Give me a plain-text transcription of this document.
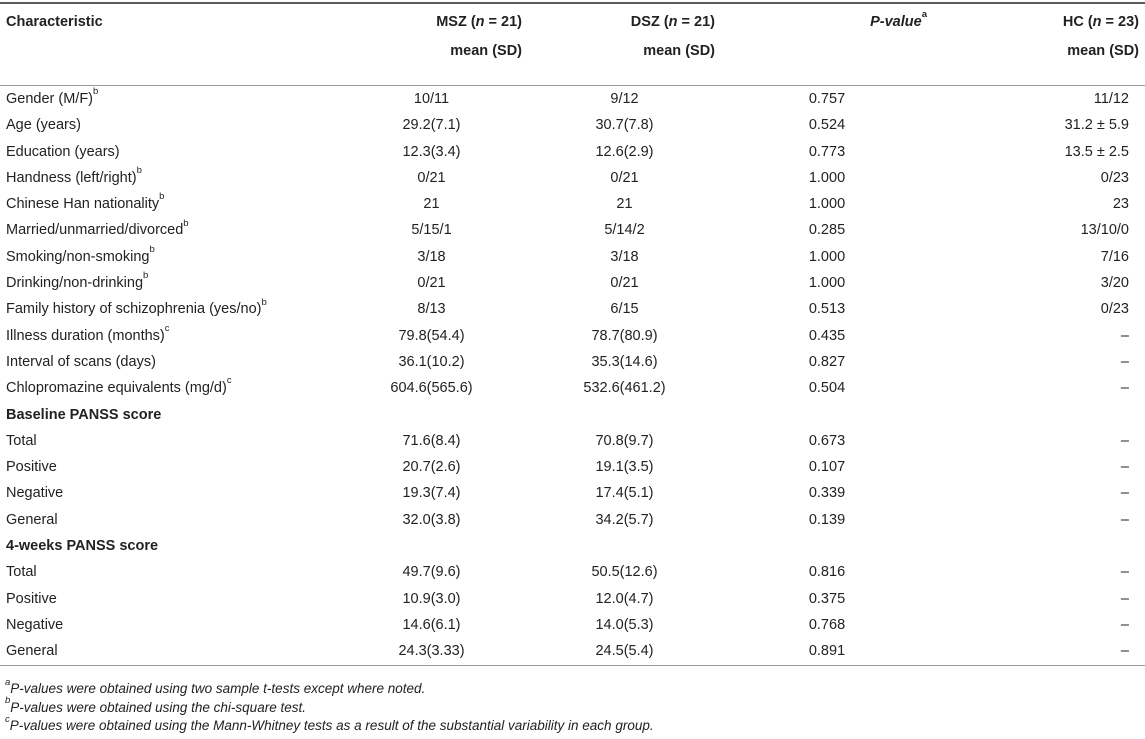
Characteristic	MSZ (n = 21)	DSZ (n = 21)	P-value$^a$	HC (n = 23)
	mean (SD)	mean (SD)		mean (SD)
Gender $(M/F)^b$	10/11	9/12	0.757	11/12
Age (years)	29.2(7.1)	30.7(7.8)	0.524	31.2 ± 5.9
Education (years)	12.3(3.4)	12.6(2.9)	0.773	13.5 ± 2.5
Handness (left/right)$^b$	0/21	0/21	1.000	0/23
Chinese Han nationality$^b$	21	21	1.000	23
Married/unmarried/divorced$^b$	5/15/1	5/14/2	0.285	13/10/0
Smoking/non-smoking$^b$	3/18	3/18	1.000	7/16
Drinking/non-drinking$^b$	0/21	0/21	1.000	3/20
Family history of schizophrenia $(yes/no)^b$	8/13	6/15	0.513	0/23
Illness duration (months)$^c$	79.8(54.4)	78.7(80.9)	0.435	–
Interval of scans (days)	36.1(10.2)	35.3(14.6)	0.827	–
Chlopromazine equivalents $(mg/d)^c$	604.6(565.6)	532.6(461.2)	0.504	–
Baseline PANSS score				
Total	71.6(8.4)	70.8(9.7)	0.673	–
Positive	20.7(2.6)	19.1(3.5)	0.107	–
Negative	19.3(7.4)	17.4(5.1)	0.339	–
General	32.0(3.8)	34.2(5.7)	0.139	–
4-weeks PANSS score				
Total	49.7(9.6)	50.5(12.6)	0.816	–
Positive	10.9(3.0)	12.0(4.7)	0.375	–
Negative	14.6(6.1)	14.0(5.3)	0.768	–
General	24.3(3.33)	24.5(5.4)	0.891	–
$^a$P-values were obtained using two sample t-tests except where noted.
$^b$P-values were obtained using the chi-square test.
$^c$P-values were obtained using the Mann-Whitney tests as a result of the substantial variability in each group.
